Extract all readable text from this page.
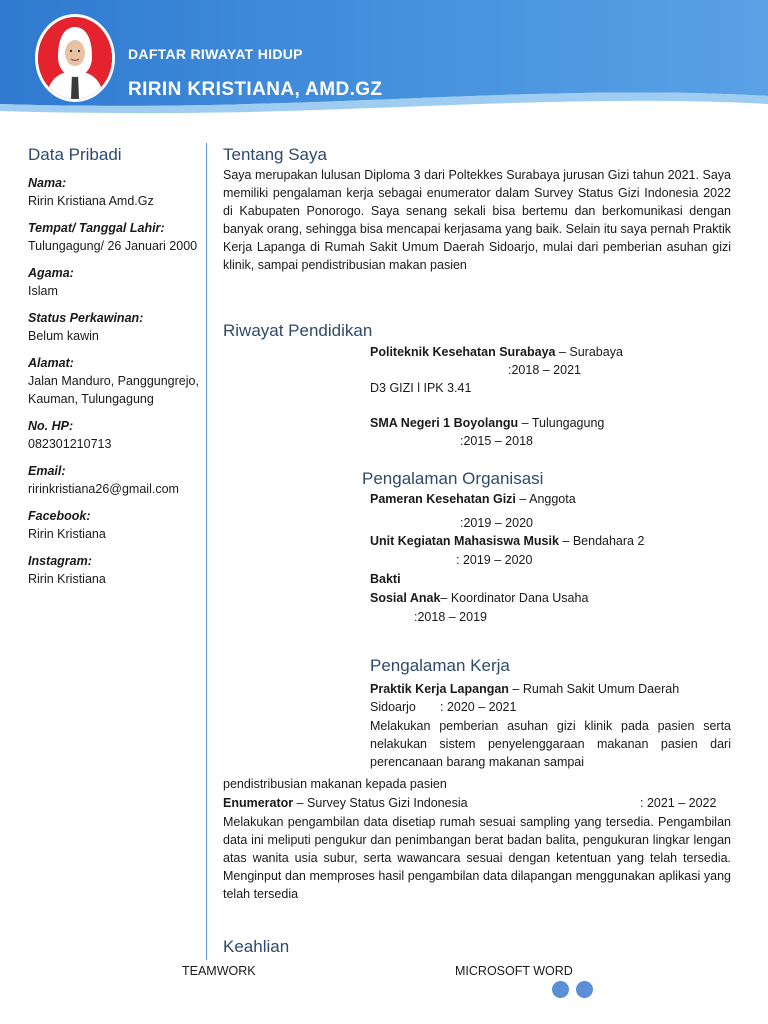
DAFTAR RIWAYAT HIDUP
RIRIN KRISTIANA, AMD.GZ
Data Pribadi
Nama:
Ririn Kristiana Amd.Gz
Tempat/ Tanggal Lahir:
Tulungagung/ 26 Januari 2000
Agama:
Islam
Status Perkawinan:
Belum kawin
Alamat:
Jalan Manduro, Panggungrejo, Kauman, Tulungagung
No. HP:
082301210713
Email:
ririnkristiana26@gmail.com
Facebook:
Ririn Kristiana
Instagram:
Ririn Kristiana
Tentang Saya
Saya merupakan lulusan Diploma 3 dari Poltekkes Surabaya jurusan Gizi tahun 2021. Saya memiliki pengalaman kerja sebagai enumerator dalam Survey Status Gizi Indonesia 2022 di Kabupaten Ponorogo. Saya senang sekali bisa bertemu dan berkomunikasi dengan banyak orang, sehingga bisa mencapai kerjasama yang baik. Selain itu saya pernah Praktik Kerja Lapanga di Rumah Sakit Umum Daerah Sidoarjo, mulai dari pemberian asuhan gizi klinik, sampai pendistribusian makan pasien
Riwayat Pendidikan
Politeknik Kesehatan Surabaya – Surabaya
:2018 – 2021
D3 GIZI l IPK 3.41
SMA Negeri 1 Boyolangu – Tulungagung
:2015 – 2018
Pengalaman Organisasi
Pameran Kesehatan Gizi – Anggota
:2019 – 2020
Unit Kegiatan Mahasiswa Musik – Bendahara 2
: 2019 – 2020
Bakti
Sosial Anak– Koordinator Dana Usaha
:2018 – 2019
Pengalaman Kerja
Praktik Kerja Lapangan – Rumah Sakit Umum Daerah
Sidoarjo : 2020 – 2021
Melakukan pemberian asuhan gizi klinik pada pasien serta nelakukan sistem penyelenggaraan makanan pasien dari perencanaan barang makanan sampai
pendistribusian makanan kepada pasien
Enumerator – Survey Status Gizi Indonesia	: 2021 – 2022
Melakukan pengambilan data disetiap rumah sesuai sampling yang tersedia. Pengambilan data ini meliputi pengukur dan penimbangan berat badan balita, pengukuran lingkar lengan atas wanita usia subur, serta wawancara sesuai dengan ketentuan yang telah tersedia. Menginput dan memproses hasil pengambilan data dilapangan menggunakan aplikasi yang telah tersedia
Keahlian
TEAMWORK	MICROSOFT WORD
